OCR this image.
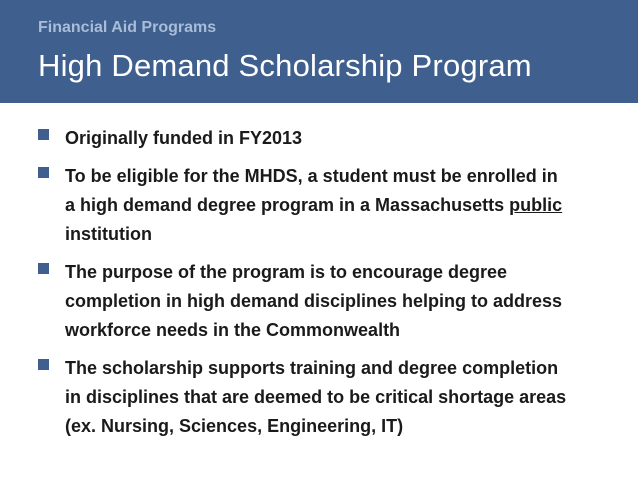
Financial Aid Programs
High Demand Scholarship Program
Originally funded in FY2013
To be eligible for the MHDS, a student must be enrolled in
a high demand degree program in a Massachusetts public
institution
The purpose of the program is to encourage degree
completion in high demand disciplines helping to address
workforce needs in the Commonwealth
The scholarship supports training and degree completion
in disciplines that are deemed to be critical shortage areas
(ex. Nursing, Sciences, Engineering, IT)
